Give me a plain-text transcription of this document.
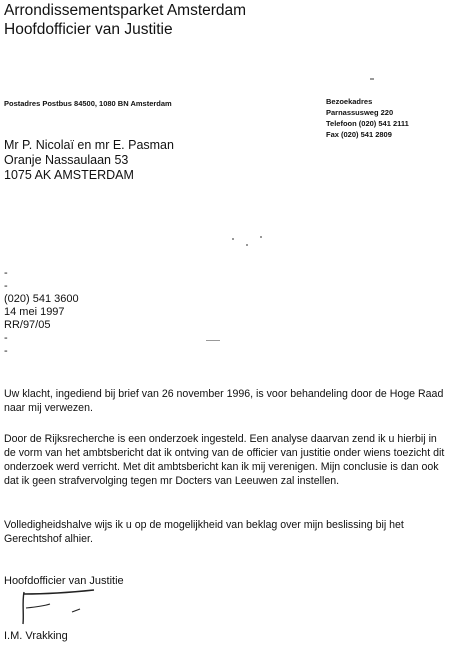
Arrondissementsparket Amsterdam
Hoofdofficier van Justitie
Postadres Postbus 84500, 1080 BN Amsterdam	Bezoekadres
Parnassusweg 220
Telefoon (020) 541 2111
Fax (020) 541 2809
Mr P. Nicolaï en mr E. Pasman
Oranje Nassaulaan 53
1075 AK AMSTERDAM
-
-
(020) 541 3600
14 mei 1997
RR/97/05
-
-
Uw klacht, ingediend bij brief van 26 november 1996, is voor behandeling door de Hoge Raad naar mij verwezen.
Door de Rijksrecherche is een onderzoek ingesteld. Een analyse daarvan zend ik u hierbij in de vorm van het ambtsbericht dat ik ontving van de officier van justitie onder wiens toezicht dit onderzoek werd verricht. Met dit ambtsbericht kan ik mij verenigen. Mijn conclusie is dan ook dat ik geen strafvervolging tegen mr Docters van Leeuwen zal instellen.
Volledigheidshalve wijs ik u op de mogelijkheid van beklag over mijn beslissing bij het Gerechtshof alhier.
Hoofdofficier van Justitie
I.M. Vrakking
